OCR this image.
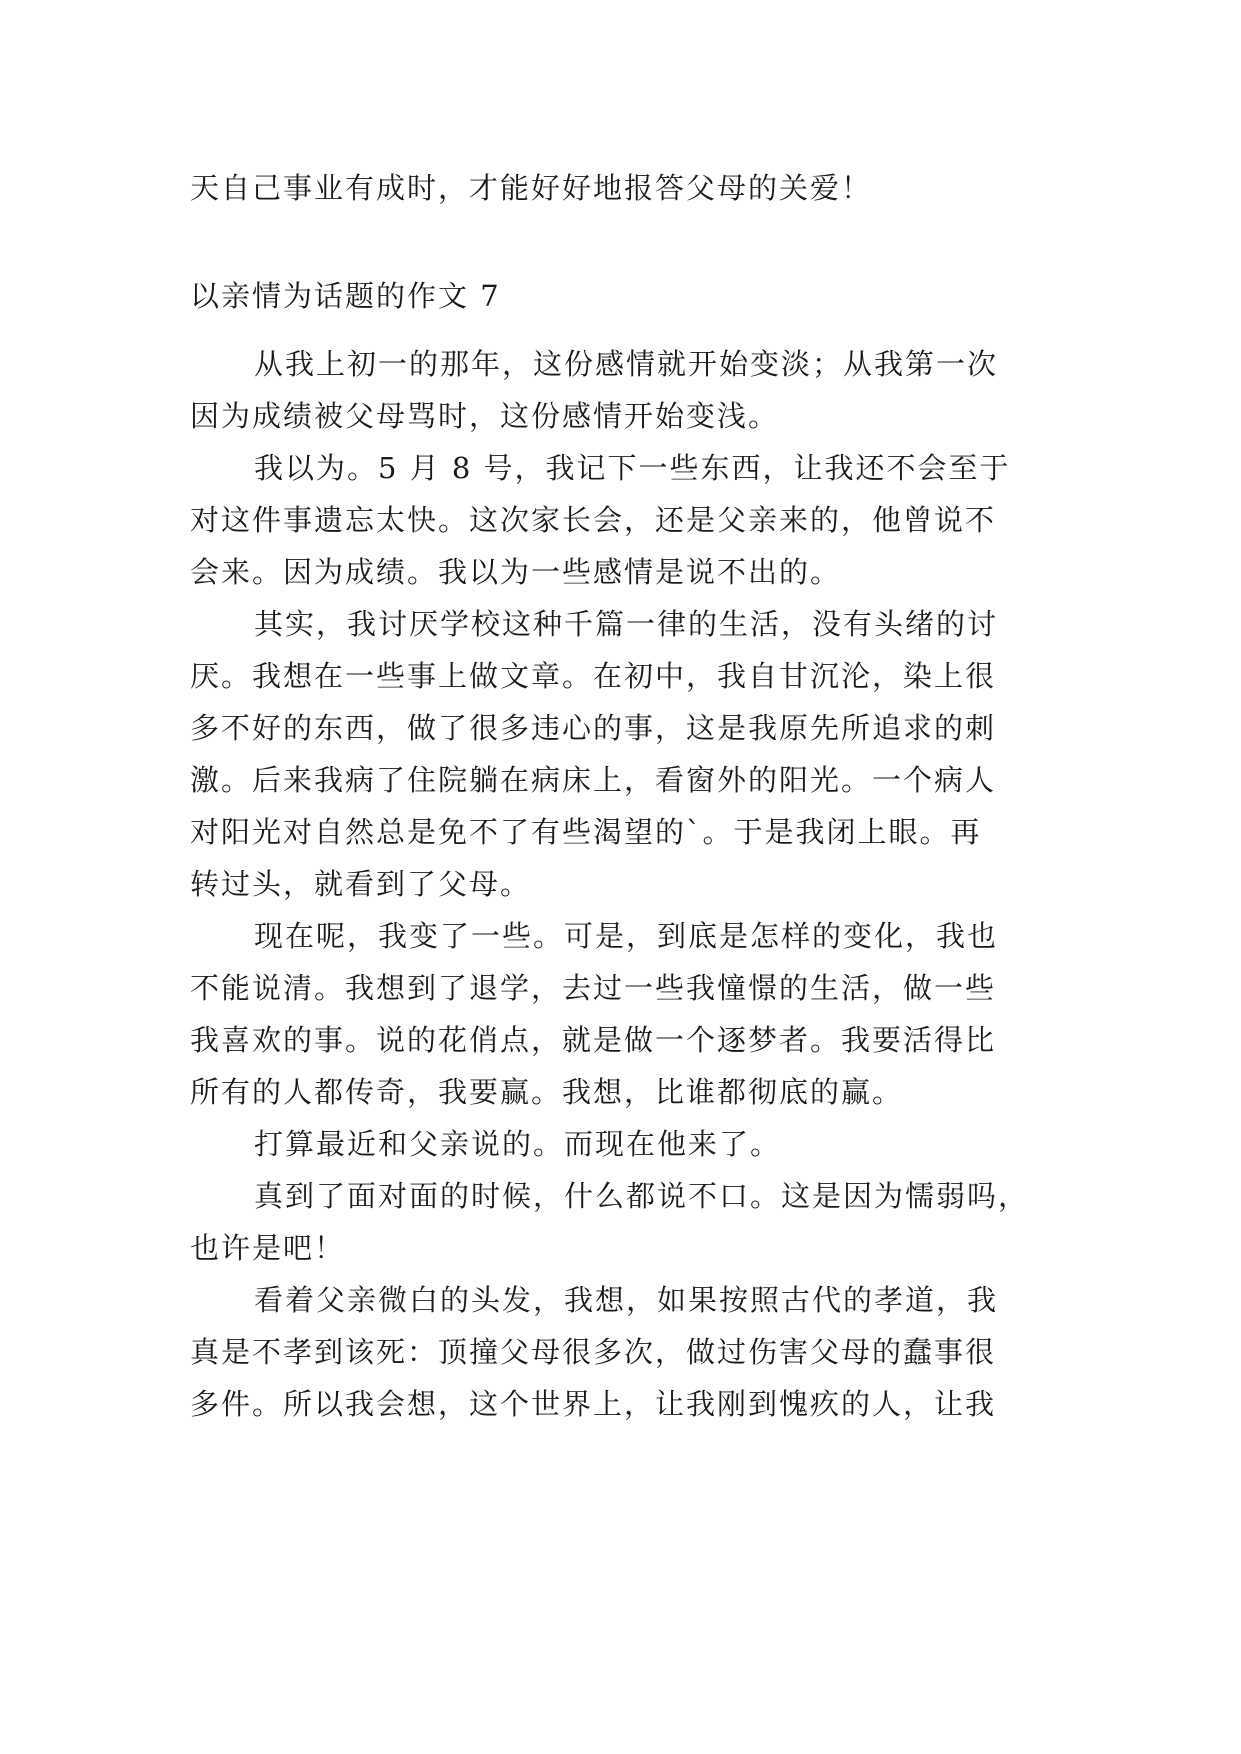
天自己事业有成时，才能好好地报答父母的关爱！
以亲情为话题的作文 7
从我上初一的那年，这份感情就开始变淡；从我第一次
因为成绩被父母骂时，这份感情开始变浅。
我以为。5 月 8 号，我记下一些东西，让我还不会至于
对这件事遗忘太快。这次家长会，还是父亲来的，他曾说不
会来。因为成绩。我以为一些感情是说不出的。
其实，我讨厌学校这种千篇一律的生活，没有头绪的讨
厌。我想在一些事上做文章。在初中，我自甘沉沦，染上很
多不好的东西，做了很多违心的事，这是我原先所追求的刺
激。后来我病了住院躺在病床上，看窗外的阳光。一个病人
对阳光对自然总是免不了有些渴望的`。于是我闭上眼。再
转过头，就看到了父母。
现在呢，我变了一些。可是，到底是怎样的变化，我也
不能说清。我想到了退学，去过一些我憧憬的生活，做一些
我喜欢的事。说的花俏点，就是做一个逐梦者。我要活得比
所有的人都传奇，我要赢。我想，比谁都彻底的赢。
打算最近和父亲说的。而现在他来了。
真到了面对面的时候，什么都说不口。这是因为懦弱吗，
也许是吧！
看着父亲微白的头发，我想，如果按照古代的孝道，我
真是不孝到该死：顶撞父母很多次，做过伤害父母的蠢事很
多件。所以我会想，这个世界上，让我刚到愧疚的人，让我
